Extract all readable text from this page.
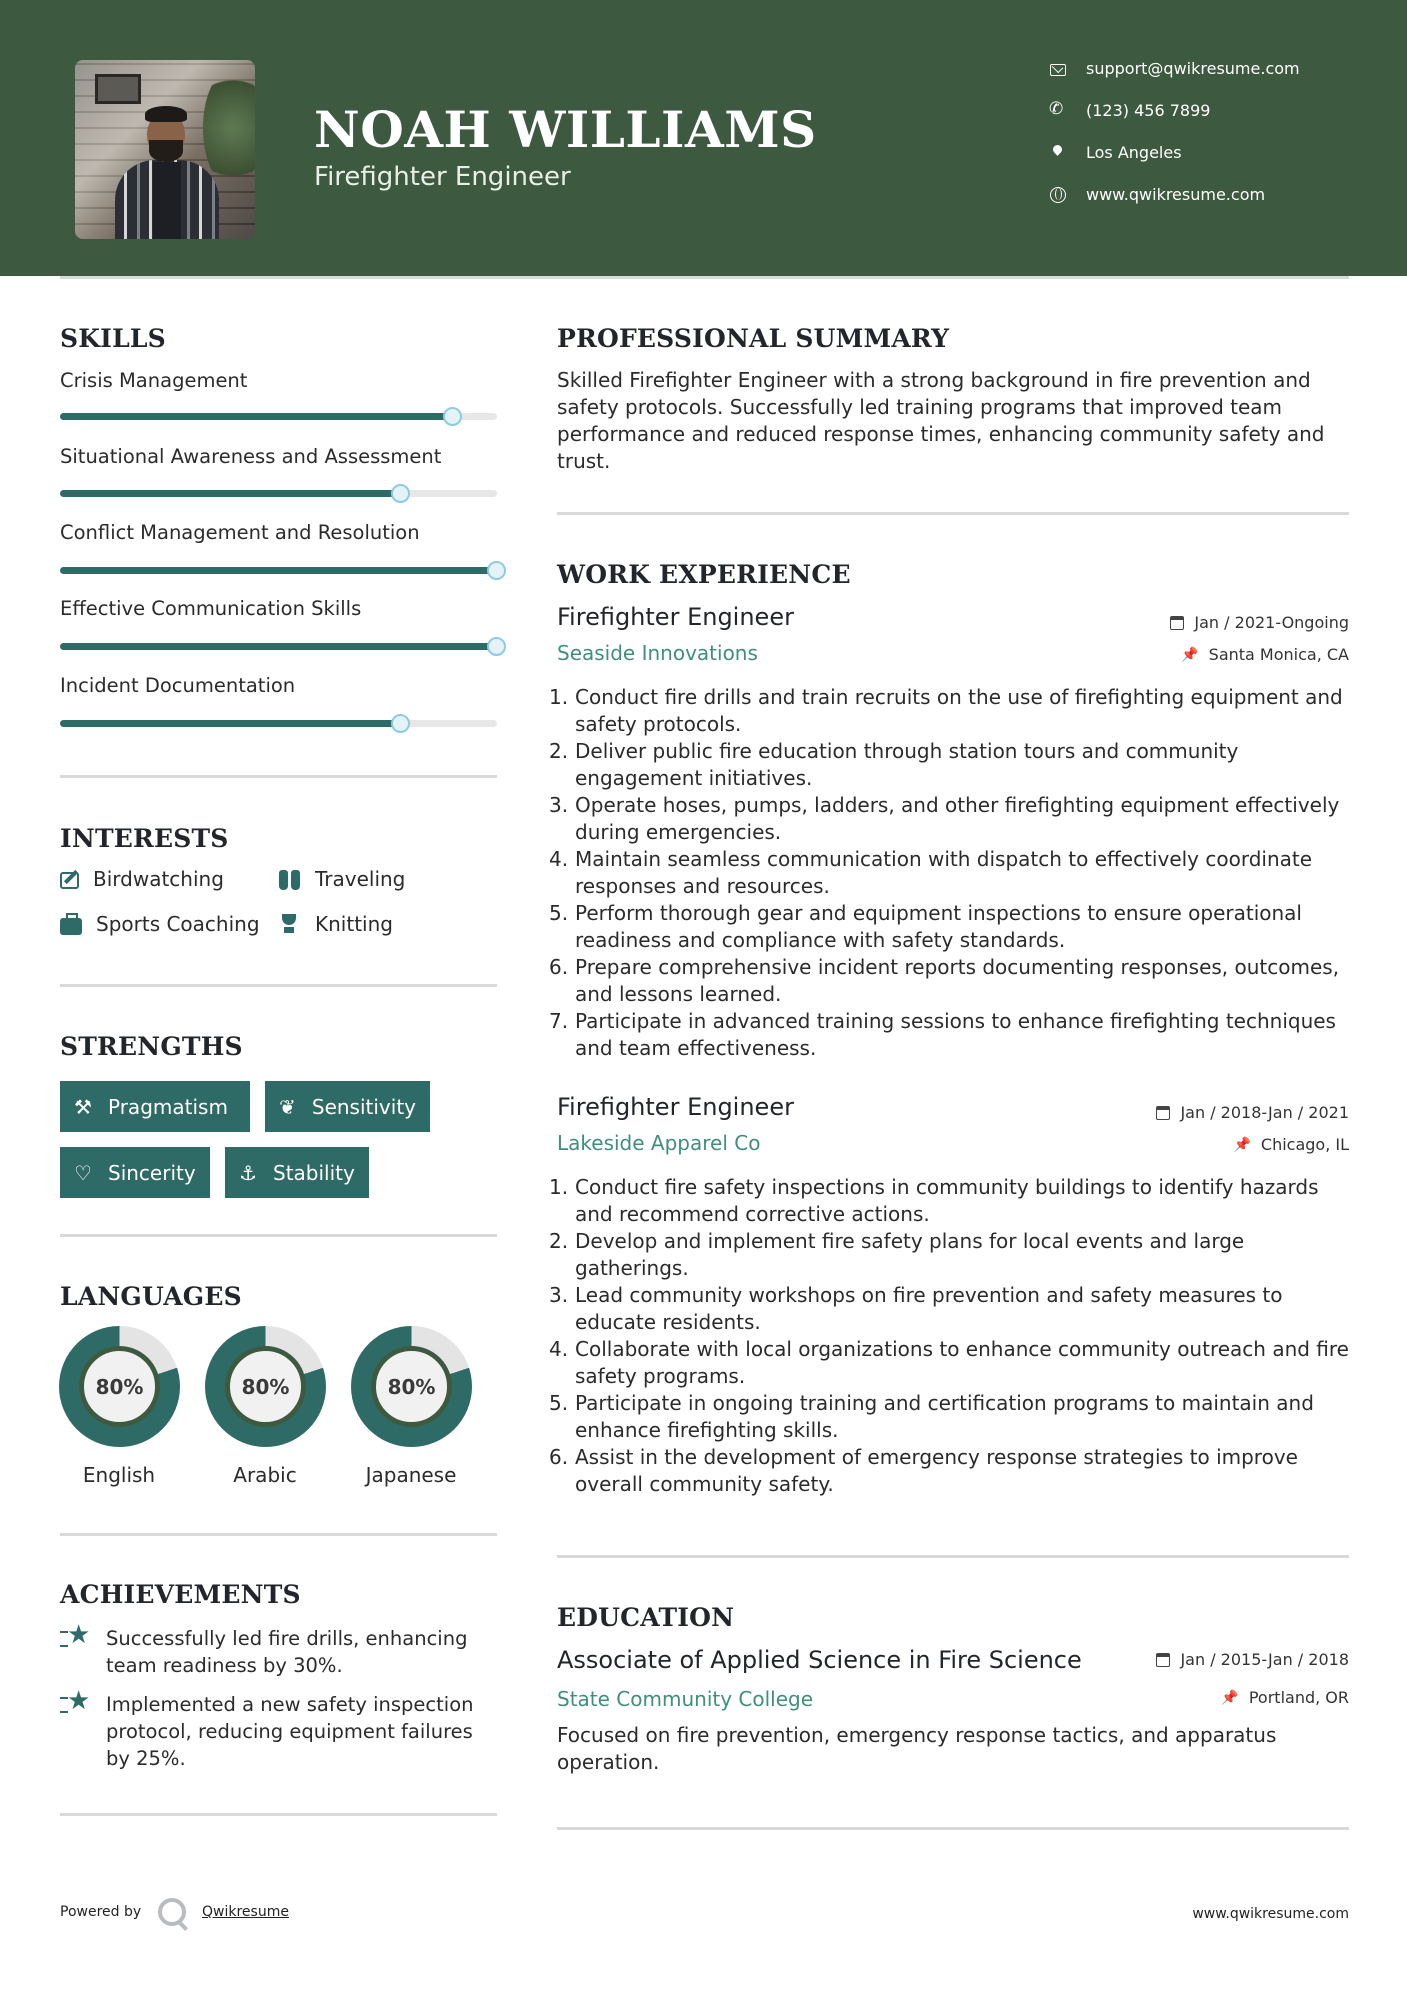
NOAH WILLIAMS
Firefighter Engineer
support@qwikresume.com
✆
(123) 456 7899
Los Angeles
www.qwikresume.com
SKILLS
Crisis Management
Situational Awareness and Assessment
Conflict Management and Resolution
Effective Communication Skills
Incident Documentation
INTERESTS
Birdwatching	Traveling
Sports Coaching	Knitting
STRENGTHS
⚒ Pragmatism	❦ Sensitivity
♡ Sincerity ⚓ Stability
LANGUAGES
80%
English
80%
Arabic
80%
Japanese
ACHIEVEMENTS
★
Successfully led fire drills, enhancing team readiness by 30%.
★
Implemented a new safety inspection protocol, reducing equipment failures by 25%.
PROFESSIONAL SUMMARY
Skilled Firefighter Engineer with a strong background in fire prevention and safety protocols. Successfully led training programs that improved team performance and reduced response times, enhancing community safety and trust.
WORK EXPERIENCE
Firefighter Engineer	Jan / 2021-Ongoing
Seaside Innovations	📌 Santa Monica, CA
Conduct fire drills and train recruits on the use of firefighting equipment and safety protocols.
Deliver public fire education through station tours and community engagement initiatives.
Operate hoses, pumps, ladders, and other firefighting equipment effectively during emergencies.
Maintain seamless communication with dispatch to effectively coordinate responses and resources.
Perform thorough gear and equipment inspections to ensure operational readiness and compliance with safety standards.
Prepare comprehensive incident reports documenting responses, outcomes, and lessons learned.
Participate in advanced training sessions to enhance firefighting techniques and team effectiveness.
Firefighter Engineer	Jan / 2018-Jan / 2021
Lakeside Apparel Co	📌 Chicago, IL
Conduct fire safety inspections in community buildings to identify hazards and recommend corrective actions.
Develop and implement fire safety plans for local events and large gatherings.
Lead community workshops on fire prevention and safety measures to educate residents.
Collaborate with local organizations to enhance community outreach and fire safety programs.
Participate in ongoing training and certification programs to maintain and enhance firefighting skills.
Assist in the development of emergency response strategies to improve overall community safety.
EDUCATION
Associate of Applied Science in Fire Science	Jan / 2015-Jan / 2018
State Community College	📌 Portland, OR
Focused on fire prevention, emergency response tactics, and apparatus operation.
Powered by	Qwikresume	www.qwikresume.com
